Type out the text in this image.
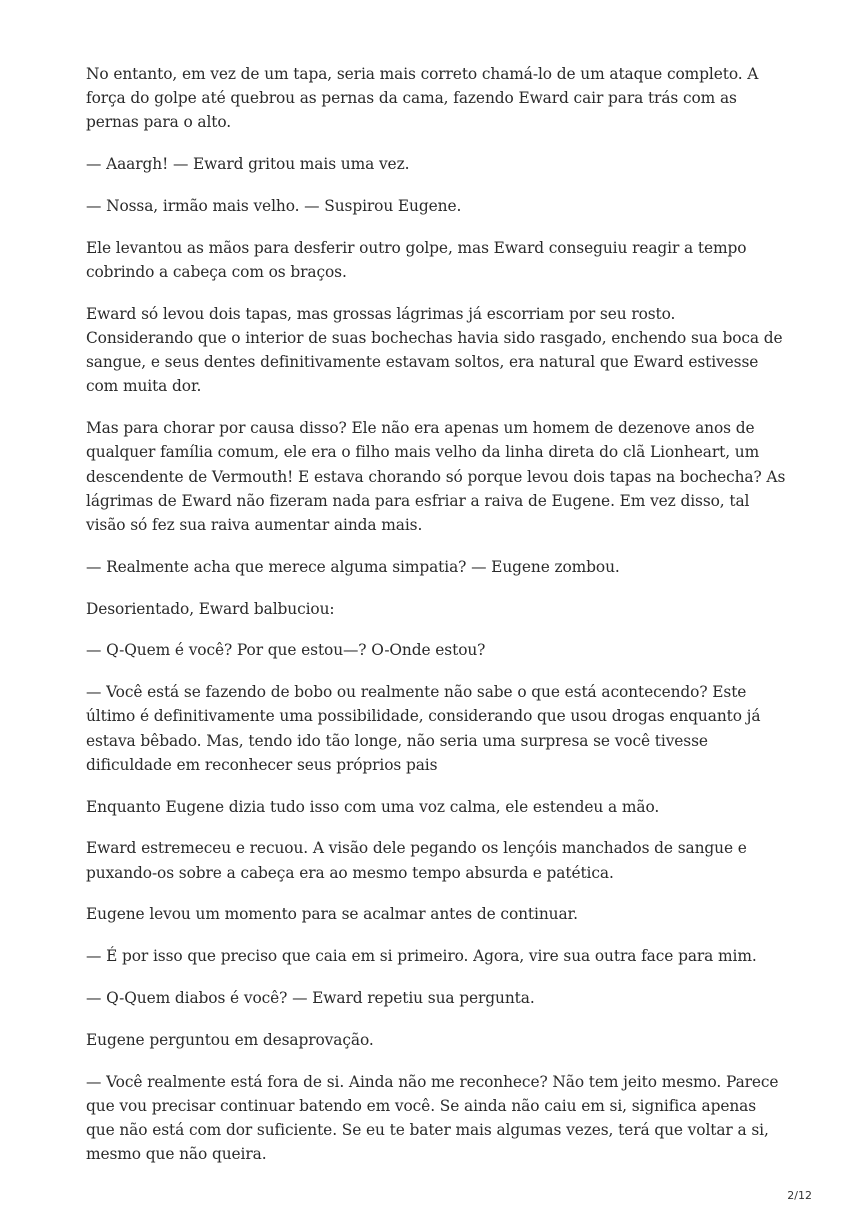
No entanto, em vez de um tapa, seria mais correto chamá-lo de um ataque completo. A força do golpe até quebrou as pernas da cama, fazendo Eward cair para trás com as pernas para o alto.

— Aaargh! — Eward gritou mais uma vez.

— Nossa, irmão mais velho. — Suspirou Eugene.

Ele levantou as mãos para desferir outro golpe, mas Eward conseguiu reagir a tempo cobrindo a cabeça com os braços.

Eward só levou dois tapas, mas grossas lágrimas já escorriam por seu rosto. Considerando que o interior de suas bochechas havia sido rasgado, enchendo sua boca de sangue, e seus dentes definitivamente estavam soltos, era natural que Eward estivesse com muita dor.

Mas para chorar por causa disso? Ele não era apenas um homem de dezenove anos de qualquer família comum, ele era o filho mais velho da linha direta do clã Lionheart, um descendente de Vermouth! E estava chorando só porque levou dois tapas na bochecha? As lágrimas de Eward não fizeram nada para esfriar a raiva de Eugene. Em vez disso, tal visão só fez sua raiva aumentar ainda mais.

— Realmente acha que merece alguma simpatia? — Eugene zombou.

Desorientado, Eward balbuciou:

— Q-Quem é você? Por que estou—? O-Onde estou?

— Você está se fazendo de bobo ou realmente não sabe o que está acontecendo? Este último é definitivamente uma possibilidade, considerando que usou drogas enquanto já estava bêbado. Mas, tendo ido tão longe, não seria uma surpresa se você tivesse dificuldade em reconhecer seus próprios pais

Enquanto Eugene dizia tudo isso com uma voz calma, ele estendeu a mão.

Eward estremeceu e recuou. A visão dele pegando os lençóis manchados de sangue e puxando-os sobre a cabeça era ao mesmo tempo absurda e patética.

Eugene levou um momento para se acalmar antes de continuar.

— É por isso que preciso que caia em si primeiro. Agora, vire sua outra face para mim.

— Q-Quem diabos é você? — Eward repetiu sua pergunta.

Eugene perguntou em desaprovação.

— Você realmente está fora de si. Ainda não me reconhece? Não tem jeito mesmo. Parece que vou precisar continuar batendo em você. Se ainda não caiu em si, significa apenas que não está com dor suficiente. Se eu te bater mais algumas vezes, terá que voltar a si, mesmo que não queira.

2/12
